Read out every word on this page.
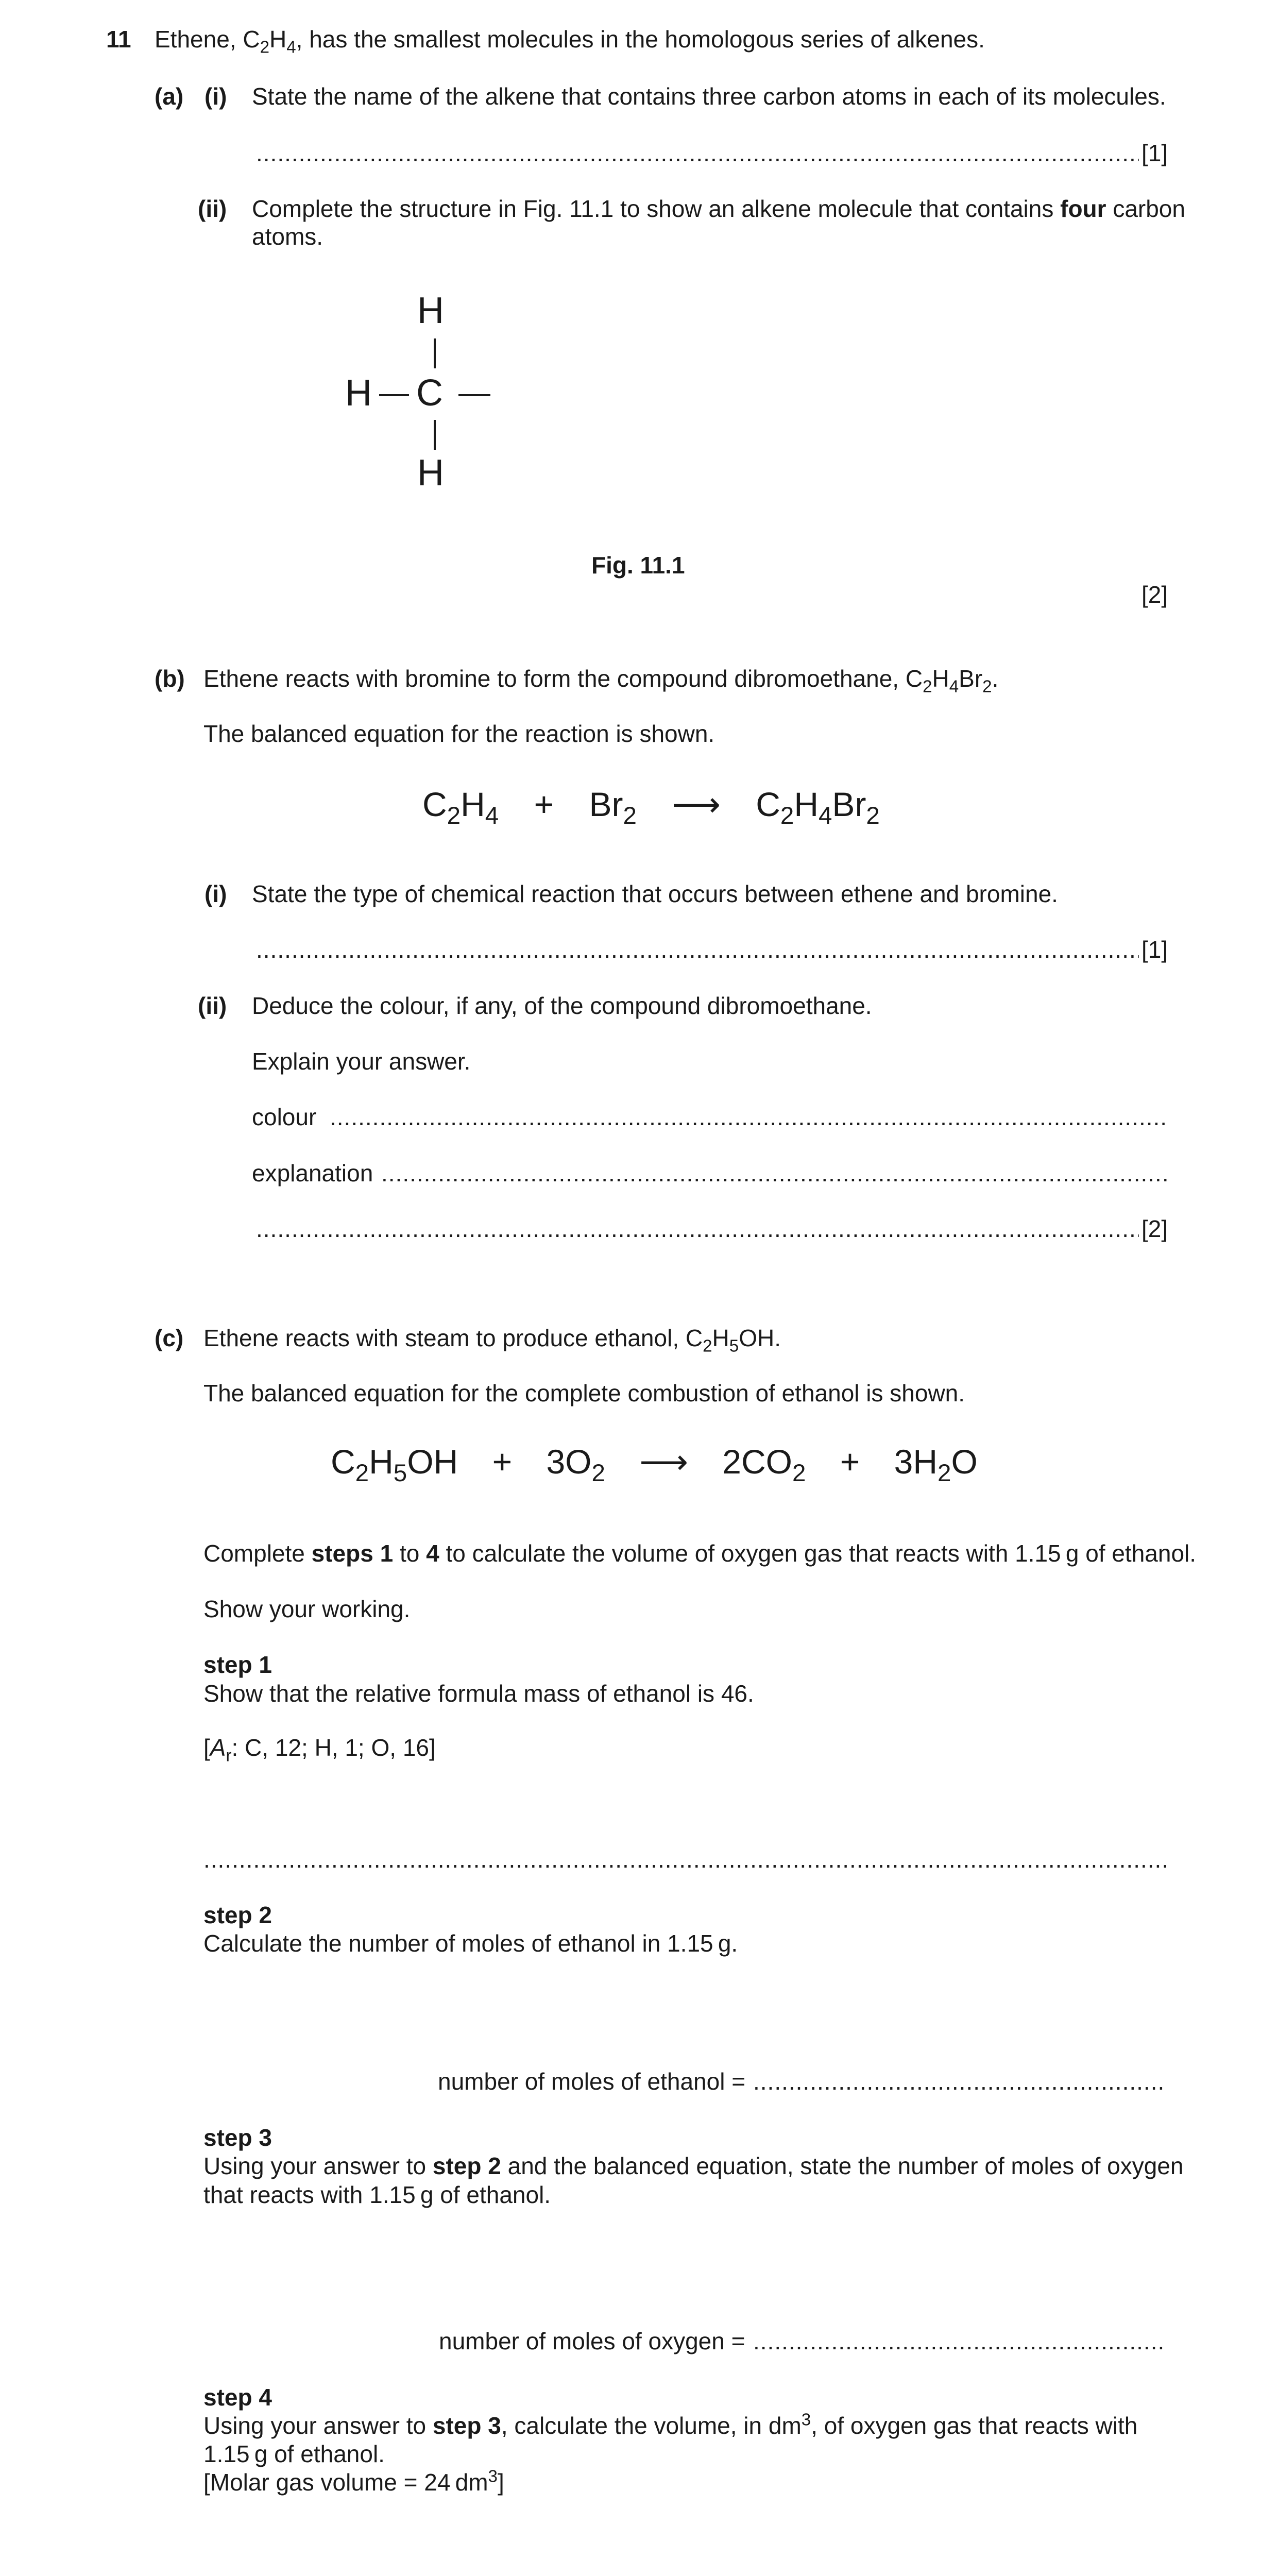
11 Ethene, $C_2H_4$, has the smallest molecules in the homologous series of alkenes.
(a) (i) State the name of the alkene that contains three carbon atoms in each of its molecules.
.....
[1]
(ii) Complete the structure in Fig. 11.1 to show an alkene molecule that contains four carbon
atoms.
H
H C
H
Fig. 11.1
[2]
(b) Ethene reacts with bromine to form the compound dibromoethane, $C_2H_4Br_2$.
The balanced equation for the reaction is shown.
$C_2H_4 + Br_2$ ⟶ $C_2H_4Br_2$
(i) State the type of chemical reaction that occurs between ethene and bromine.
.....
[1]
(ii) Deduce the colour, if any, of the compound dibromoethane.
Explain your answer.
colour
.....
explanation
.....
.....
[2]
(c) Ethene reacts with steam to produce ethanol, $C_2H_5OH$.
The balanced equation for the complete combustion of ethanol is shown.
$C_2H_5OH + 3O_2$ ⟶ $2CO_2 + 3H_2O$
Complete steps 1 to 4 to calculate the volume of oxygen gas that reacts with 1.15 g of ethanol.
Show your working.
step 1
Show that the relative formula mass of ethanol is 46.
[$A_r$: C, 12; H, 1; O, 16]
.....
step 2
Calculate the number of moles of ethanol in 1.15 g.
number of moles of ethanol =
.....
step 3
Using your answer to step 2 and the balanced equation, state the number of moles of oxygen
that reacts with 1.15 g of ethanol.
number of moles of oxygen =
.....
step 4
Using your answer to step 3, calculate the volume, in $dm^3$, of oxygen gas that reacts with
1.15 g of ethanol.
[Molar gas volume = 24 $dm^3$]
